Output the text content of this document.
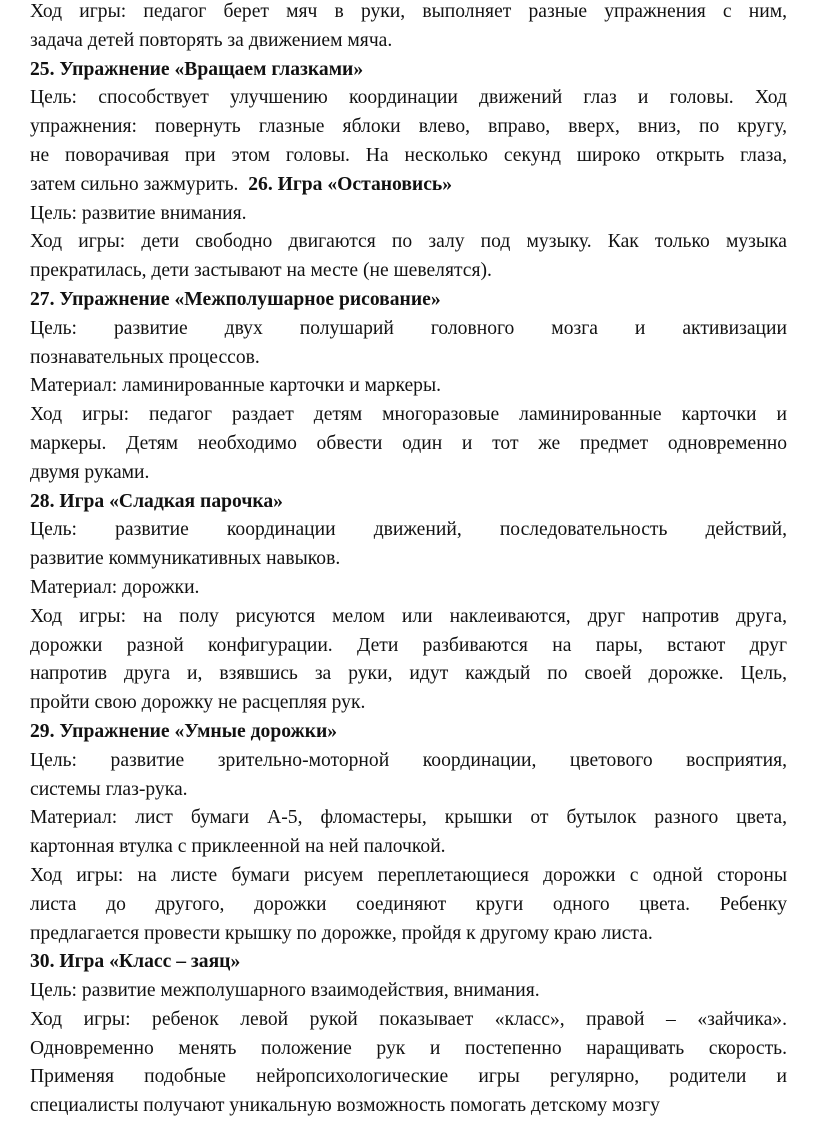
Ход игры: педагог берет мяч в руки, выполняет разные упражнения с ним,
задача детей повторять за движением мяча.
25. Упражнение «Вращаем глазками»
Цель: способствует улучшению координации движений глаз и головы. Ход
упражнения: повернуть глазные яблоки влево, вправо, вверх, вниз, по кругу,
не поворачивая при этом головы. На несколько секунд широко открыть глаза,
затем сильно зажмурить. 26. Игра «Остановись»
Цель: развитие внимания.
Ход игры: дети свободно двигаются по залу под музыку. Как только музыка
прекратилась, дети застывают на месте (не шевелятся).
27. Упражнение «Межполушарное рисование»
Цель: развитие двух полушарий головного мозга и активизации
познавательных процессов.
Материал: ламинированные карточки и маркеры.
Ход игры: педагог раздает детям многоразовые ламинированные карточки и
маркеры. Детям необходимо обвести один и тот же предмет одновременно
двумя руками.
28. Игра «Сладкая парочка»
Цель: развитие координации движений, последовательность действий,
развитие коммуникативных навыков.
Материал: дорожки.
Ход игры: на полу рисуются мелом или наклеиваются, друг напротив друга,
дорожки разной конфигурации. Дети разбиваются на пары, встают друг
напротив друга и, взявшись за руки, идут каждый по своей дорожке. Цель,
пройти свою дорожку не расцепляя рук.
29. Упражнение «Умные дорожки»
Цель: развитие зрительно-моторной координации, цветового восприятия,
системы глаз-рука.
Материал: лист бумаги А-5, фломастеры, крышки от бутылок разного цвета,
картонная втулка с приклеенной на ней палочкой.
Ход игры: на листе бумаги рисуем переплетающиеся дорожки с одной стороны
листа до другого, дорожки соединяют круги одного цвета. Ребенку
предлагается провести крышку по дорожке, пройдя к другому краю листа.
30. Игра «Класс – заяц»
Цель: развитие межполушарного взаимодействия, внимания.
Ход игры: ребенок левой рукой показывает «класс», правой – «зайчика».
Одновременно менять положение рук и постепенно наращивать скорость.
Применяя подобные нейропсихологические игры регулярно, родители и
специалисты получают уникальную возможность помогать детскому мозгу
